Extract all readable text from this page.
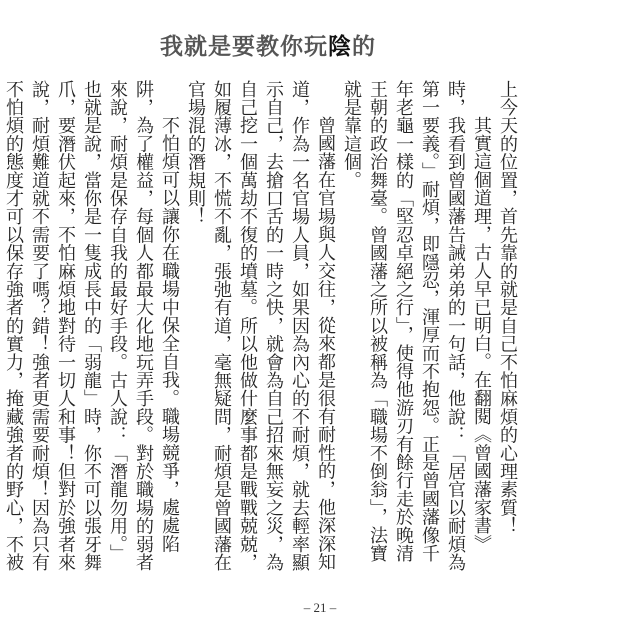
我就是要教你玩陰的

上今天的位置，首先靠的就是自己不怕麻煩的心理素質！

其實這個道理，古人早已明白。在翻閱《曾國藩家書》時，我看到曾國藩告誡弟弟的一句話，他說：「居官以耐煩為第一要義。」耐煩，即隱忍，渾厚而不抱怨。正是曾國藩像千年老龜一樣的「堅忍卓絕之行」，使得他游刃有餘行走於晚清王朝的政治舞臺。曾國藩之所以被稱為「職場不倒翁」，法寶就是靠這個。

曾國藩在官場與人交往，從來都是很有耐性的，他深深知道，作為一名官場人員，如果因為內心的不耐煩，就去輕率顯示自己，去搶口舌的一時之快，就會為自己招來無妄之災，為自己挖一個萬劫不復的墳墓。所以他做什麼事都是戰戰兢兢，如履薄冰，不慌不亂，張弛有道，毫無疑問，耐煩是曾國藩在官場混的潛規則！

不怕煩可以讓你在職場中保全自我。職場競爭，處處陷阱，為了權益，每個人都最大化地玩弄手段。對於職場的弱者來說，耐煩是保存自我的最好手段。古人說：「潛龍勿用。」也就是說，當你是一隻成長中的「弱龍」時，你不可以張牙舞爪，要潛伏起來，不怕麻煩地對待一切人和事！但對於強者來說，耐煩難道就不需要了嗎？錯！強者更需要耐煩！因為只有不怕煩的態度才可以保存強者的實力，掩藏強者的野心，不被

– 21 –
